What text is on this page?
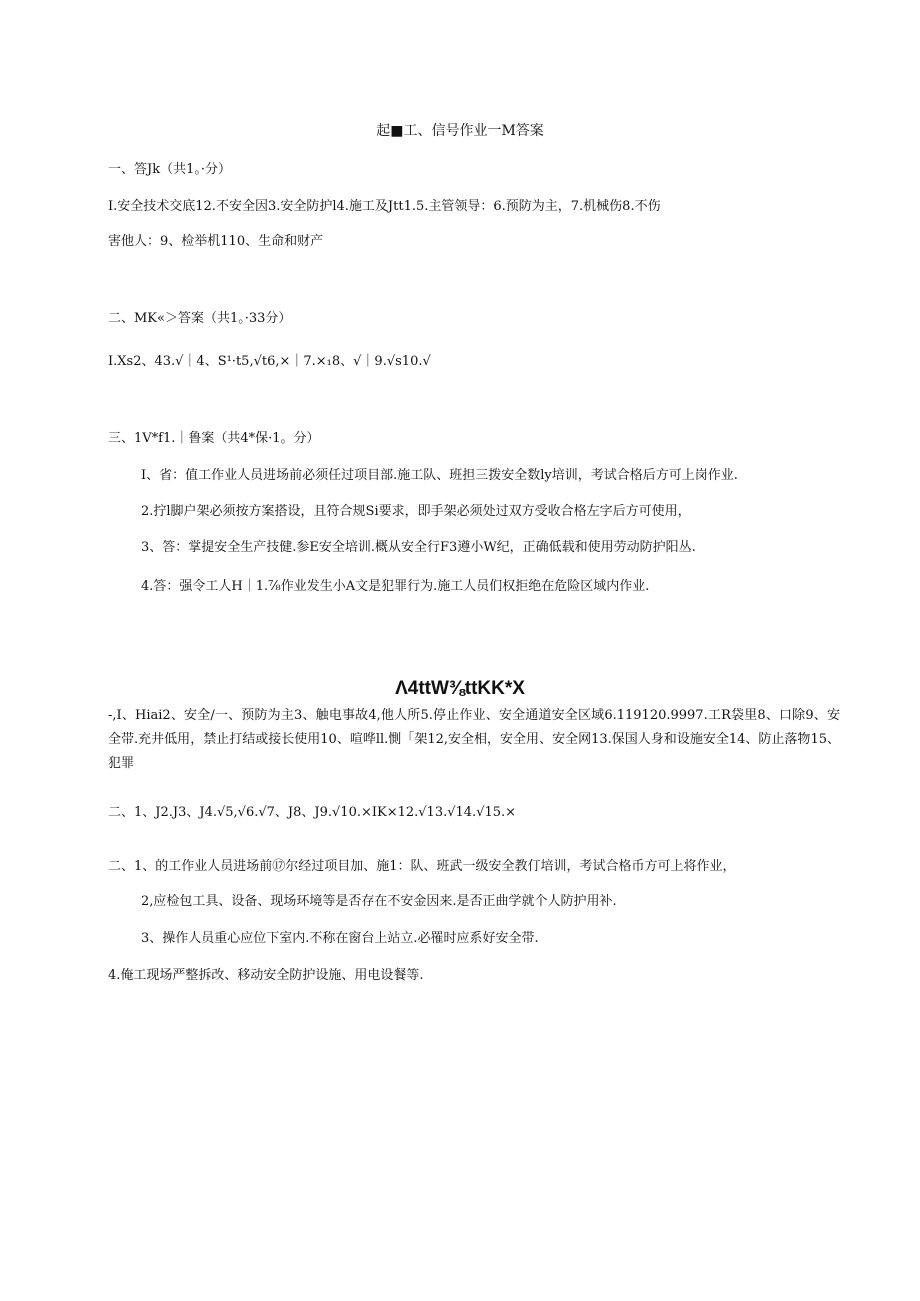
起■工、信号作业一M答案
一、答Jk（共1。·分）
I.安全技术交底12.不安全因3.安全防护l4.施工及Jtt1.5.主管领导：6.预防为主，7.机械伤8.不伤
害他人：9、检举机110、生命和财产
二、MK«＞答案（共1。·33分）
I.Xs2、43.√｜4、S¹·t5,√t6,×｜7.×₁8、√｜9.√s10.√
三、1V*f1.｜鲁案（共4*保·1。分）
I、省：值工作业人员进场前必须任过项目部.施工队、班担三拨安全数ly培训，考试合格后方可上岗作业.
2.拧l脚户架必须按方案搭设，且符合规Si要求，即手架必须处过双方受收合格左字后方可使用，
3、答：掌提安全生产技健.参E安全培训.概从安全行F3遵小W纪，正确低载和使用劳动防护阳丛.
4.答：强令工人H｜1.⅞作业发生小A文是犯罪行为.施工人员们权拒绝在危险区域内作业.
Λ4ttW⅜ttKK*X
-,I、Hiai2、安全/一、预防为主3、触电事故4,他人所5.停止作业、安全通道安全区域6.119120.9997.工R袋里8、口除9、安全带.充井低用，禁止打结或接长使用10、喧哗ll.惻「架12,安全相，安全用、安全网13.保国人身和设施安全14、防止落物15、犯罪
二、1、J2.J3、J4.√5,√6.√7、J8、J9.√10.×IK×12.√13.√14.√15.×
二、1、的工作业人员进场前⑰尔经过项目加、施1：队、班武一级安全教仃培训，考试合格币方可上将作业，
2,应检包工具、设备、现场环境等是否存在不安金因来.是否正曲学就个人防护用补.
3、操作人员重心应位下室内.不称在窗台上站立.必罹时应系好安全带.
4.俺工现场严整拆改、移动安全防护设施、用电设餐等.
